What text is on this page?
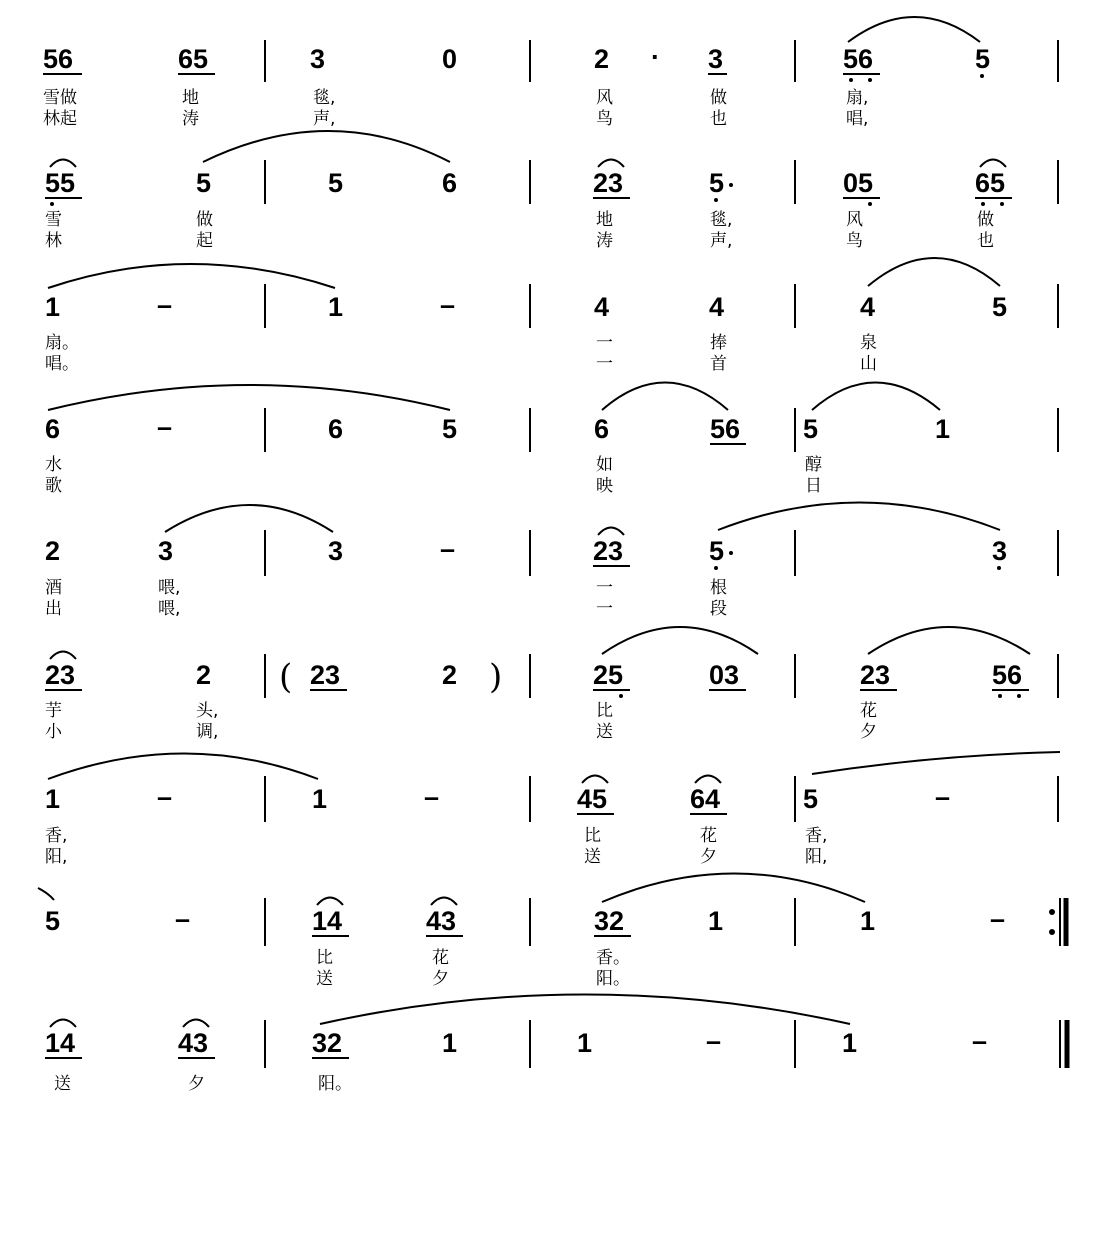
56	65	3	0	2 · 3	56	5
雪做	地	毯,	风	做	扇,
林起	涛	声,	鸟	也	唱,
55	5	5	6	23	5	05	65
雪	做	地	毯,	风	做
林	起	涛	声,	鸟	也
1	–	1	–	4	4	4	5
扇。	一	捧	泉
唱。	一	首	山
6	–	6	5	6	56 5	1
水	如	醇
歌	映	日
2	3	3	–	23	5	3
酒	喂,	一	根
出	喂,	一	段
23	2 ( 23	2 )	25	03	23	56
芋	头,	比	花
小	调,	送	夕
1	–	1	–	45	64	5	–
香,	比	花	香,
阳,	送	夕	阳,
5	–	14	43	32	1	1	–
比	花	香。
送	夕	阳。
14	43	32	1	1	–	1	–
送	夕	阳。
